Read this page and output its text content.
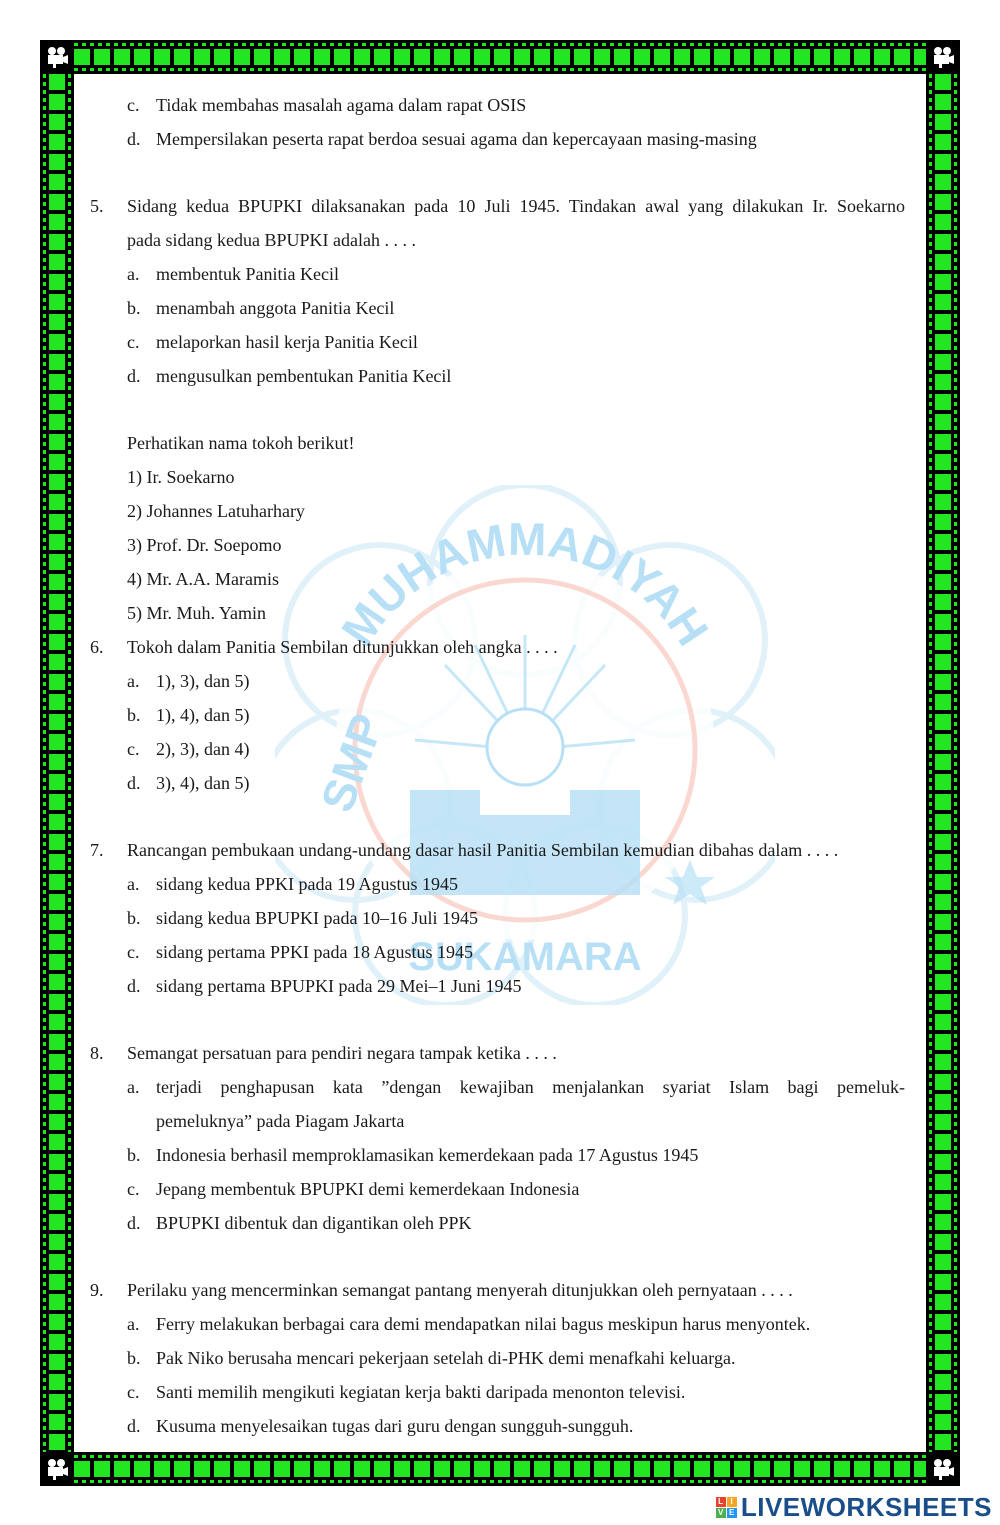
MUHAMMADIYAH
SMP
SUKAMARA
c. Tidak membahas masalah agama dalam rapat OSIS
d. Mempersilakan peserta rapat berdoa sesuai agama dan kepercayaan masing-masing
5.	Sidang kedua BPUPKI dilaksanakan pada 10 Juli 1945. Tindakan awal yang dilakukan Ir. Soekarno
pada sidang kedua BPUPKI adalah . . . .
a. membentuk Panitia Kecil
b. menambah anggota Panitia Kecil
c. melaporkan hasil kerja Panitia Kecil
d. mengusulkan pembentukan Panitia Kecil
Perhatikan nama tokoh berikut!
1) Ir. Soekarno
2) Johannes Latuharhary
3) Prof. Dr. Soepomo
4) Mr. A.A. Maramis
5) Mr. Muh. Yamin
6.	Tokoh dalam Panitia Sembilan ditunjukkan oleh angka . . . .
a. 1), 3), dan 5)
b. 1), 4), dan 5)
c. 2), 3), dan 4)
d. 3), 4), dan 5)
7.	Rancangan pembukaan undang-undang dasar hasil Panitia Sembilan kemudian dibahas dalam . . . .
a. sidang kedua PPKI pada 19 Agustus 1945
b. sidang kedua BPUPKI pada 10–16 Juli 1945
c. sidang pertama PPKI pada 18 Agustus 1945
d. sidang pertama BPUPKI pada 29 Mei–1 Juni 1945
8.	Semangat persatuan para pendiri negara tampak ketika . . . .
a. terjadi penghapusan kata ”dengan kewajiban menjalankan syariat Islam bagi pemeluk-
pemeluknya” pada Piagam Jakarta
b. Indonesia berhasil memproklamasikan kemerdekaan pada 17 Agustus 1945
c. Jepang membentuk BPUPKI demi kemerdekaan Indonesia
d. BPUPKI dibentuk dan digantikan oleh PPK
9.	Perilaku yang mencerminkan semangat pantang menyerah ditunjukkan oleh pernyataan . . . .
a. Ferry melakukan berbagai cara demi mendapatkan nilai bagus meskipun harus menyontek.
b. Pak Niko berusaha mencari pekerjaan setelah di-PHK demi menafkahi keluarga.
c. Santi memilih mengikuti kegiatan kerja bakti daripada menonton televisi.
d. Kusuma menyelesaikan tugas dari guru dengan sungguh-sungguh.
L I
V E LIVEWORKSHEETS
